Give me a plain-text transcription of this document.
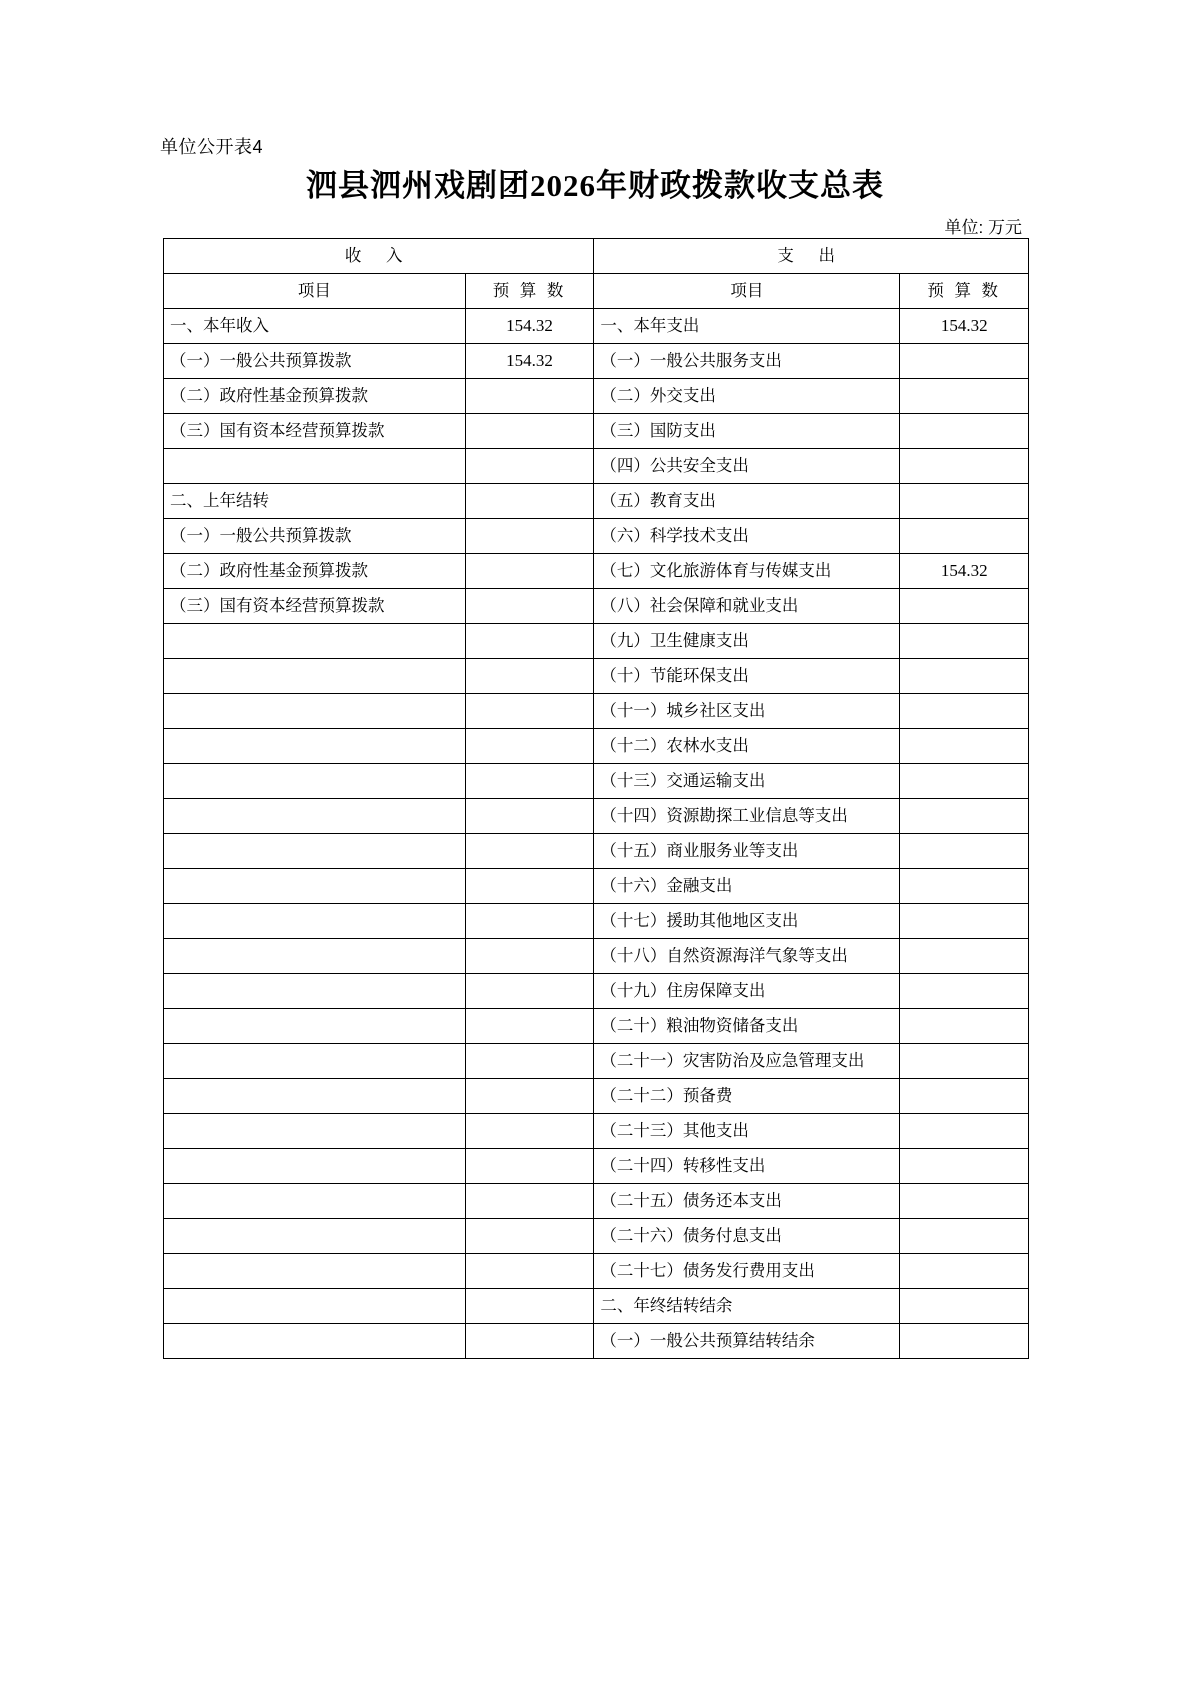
单位公开表4
泗县泗州戏剧团2026年财政拨款收支总表
单位: 万元
收 入		支 出	
项目	预 算 数	项目	预 算 数
一、本年收入	154.32	一、本年支出	154.32
（一）一般公共预算拨款	154.32	（一）一般公共服务支出	
（二）政府性基金预算拨款		（二）外交支出	
（三）国有资本经营预算拨款		（三）国防支出	
		（四）公共安全支出	
二、上年结转		（五）教育支出	
（一）一般公共预算拨款		（六）科学技术支出	
（二）政府性基金预算拨款		（七）文化旅游体育与传媒支出	154.32
（三）国有资本经营预算拨款		（八）社会保障和就业支出	
		（九）卫生健康支出	
		（十）节能环保支出	
		（十一）城乡社区支出	
		（十二）农林水支出	
		（十三）交通运输支出	
		（十四）资源勘探工业信息等支出	
		（十五）商业服务业等支出	
		（十六）金融支出	
		（十七）援助其他地区支出	
		（十八）自然资源海洋气象等支出	
		（十九）住房保障支出	
		（二十）粮油物资储备支出	
		（二十一）灾害防治及应急管理支出	
		（二十二）预备费	
		（二十三）其他支出	
		（二十四）转移性支出	
		（二十五）债务还本支出	
		（二十六）债务付息支出	
		（二十七）债务发行费用支出	
		二、年终结转结余	
		（一）一般公共预算结转结余	
